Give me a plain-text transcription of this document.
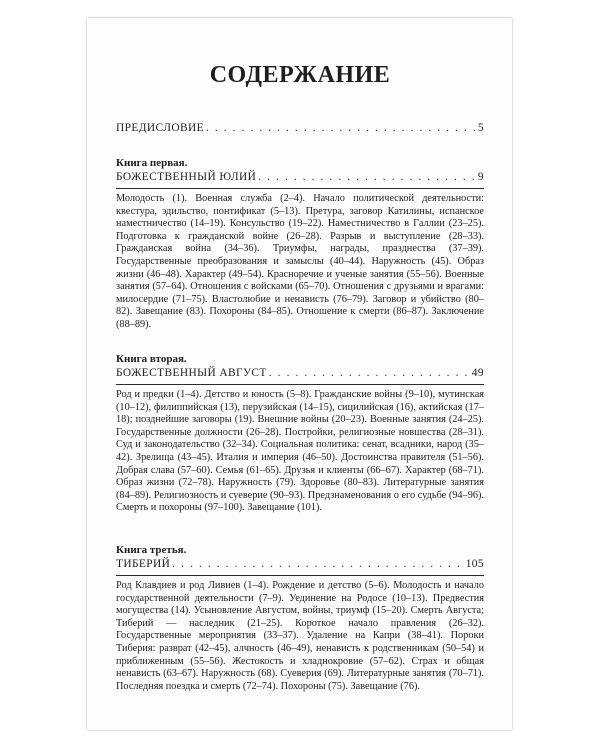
СОДЕРЖАНИЕ
ПРЕДИСЛОВИЕ . . .	5
Книга первая.
БОЖЕСТВЕННЫЙ ЮЛИЙ . . .	9

Молодость (1). Военная служба (2–4). Начало политической деятельности: квестура, эдильство, понтификат (5–13). Претура, заговор Катилины, испанское наместничество (14–19). Консульство (19–22). Наместничество в Галлии (23–25). Подготовка к гражданской войне (26–28). Разрыв и выступление (28–33). Гражданская война (34–36). Триумфы, награды, празднества (37–39). Государственные преобразования и замыслы (40–44). Наружность (45). Образ жизни (46–48). Характер (49–54). Красноречие и ученые занятия (55–56). Военные занятия (57–64). Отношения с войсками (65–70). Отношения с друзьями и врагами: милосердие (71–75). Властолюбие и ненависть (76–79). Заговор и убийство (80–82). Завещание (83). Похороны (84–85). Отношение к смерти (86–87). Заключение (88–89).

Книга вторая.
БОЖЕСТВЕННЫЙ АВГУСТ . . .	49

Род и предки (1–4). Детство и юность (5–8). Гражданские войны (9–10), мутинская (10–12), филиппийская (13), перузийская (14–15), сицилийская (16), актийская (17–18); позднейшие заговоры (19). Внешние войны (20–23). Военные занятия (24–25). Государственные должности (26–28). Постройки, религиозные новшества (28–31). Суд и законодательство (32–34). Социальная политика: сенат, всадники, народ (35–42). Зрелища (43–45). Италия и империя (46–50). Достоинства правителя (51–56). Добрая слава (57–60). Семья (61–65). Друзья и клиенты (66–67). Характер (68–71). Образ жизни (72–78). Наружность (79). Здоровье (80–83). Литературные занятия (84–89). Религиозность и суеверие (90–93). Предзнаменования о его судьбе (94–96). Смерть и похороны (97–100). Завещание (101).

Книга третья.
ТИБЕРИЙ . . .	105

Род Клавдиев и род Ливиев (1–4). Рождение и детство (5–6). Молодость и начало государственной деятельности (7–9). Уединение на Родосе (10–13). Предвестия могущества (14). Усыновление Августом, войны, триумф (15–20). Смерть Августа; Тиберий — наследник (21–25). Короткое начало правления (26–32). Государственные мероприятия (33–37). Удаление на Капри (38–41). Пороки Тиберия: разврат (42–45), алчность (46–49), ненависть к родственникам (50–54) и приближенным (55–56). Жестокость и хладнокровие (57–62). Страх и общая ненависть (63–67). Наружность (68). Суеверия (69). Литературные занятия (70–71). Последняя поездка и смерть (72–74). Похороны (75). Завещание (76).
